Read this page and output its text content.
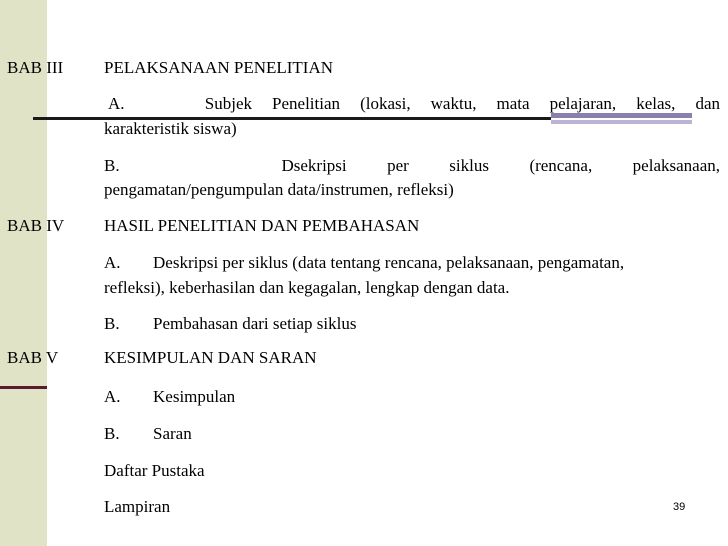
BAB III PELAKSANAAN PENELITIAN
A.    Subjek Penelitian (lokasi, waktu, mata pelajaran, kelas, dan
karakteristik siswa)
B.    Dsekripsi per siklus (rencana, pelaksanaan,
pengamatan/pengumpulan data/instrumen, refleksi)
BAB IV HASIL PENELITIAN DAN PEMBAHASAN
A. Deskripsi per siklus (data tentang rencana, pelaksanaan, pengamatan,
refleksi), keberhasilan dan kegagalan, lengkap dengan data.
B. Pembahasan dari setiap siklus
BAB V	KESIMPULAN DAN SARAN
A. Kesimpulan
B. Saran
Daftar Pustaka
Lampiran	39
